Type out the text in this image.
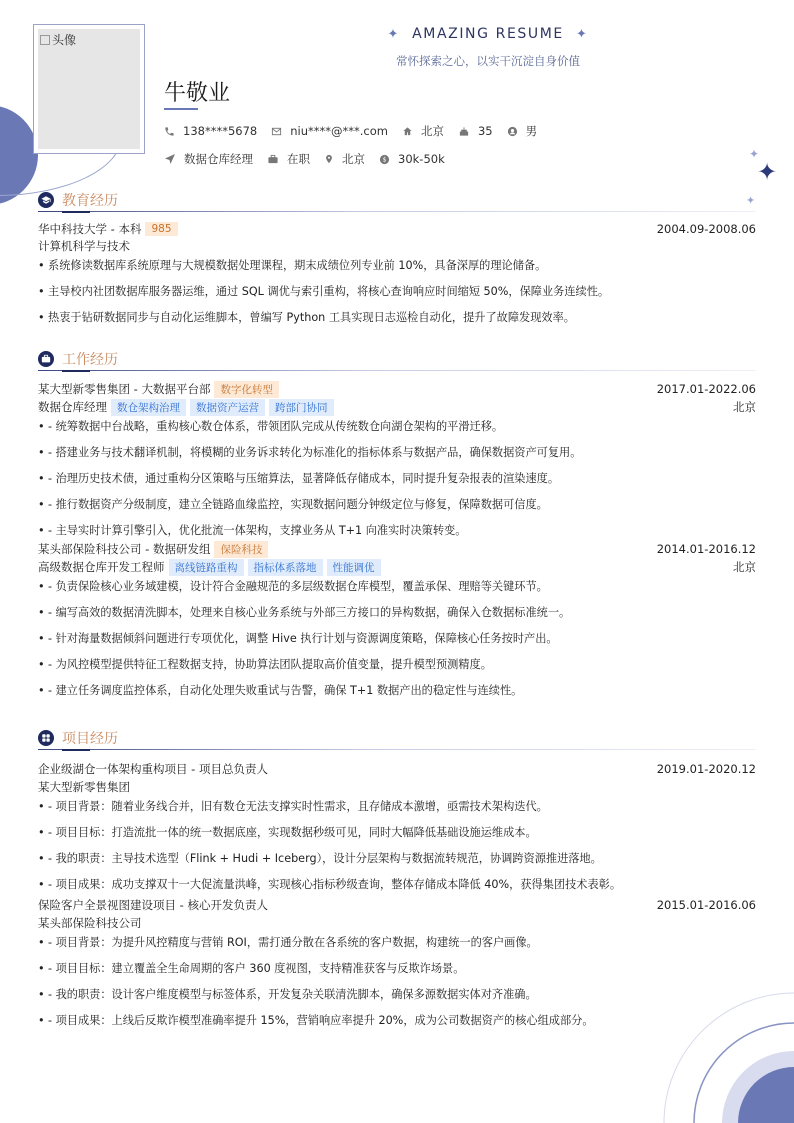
✦
✦
✦
头像	✦ AMAZING RESUME ✦
常怀探索之心，以实干沉淀自身价值
牛敬业
138****5678	niu****@***.com	北京	35	男
数据仓库经理	在职	北京 $ 30k-50k
教育经历
华中科技大学 - 本科 985	2004.09-2008.06
计算机科学与技术
• 系统修读数据库系统原理与大规模数据处理课程，期末成绩位列专业前 10%，具备深厚的理论储备。
• 主导校内社团数据库服务器运维，通过 SQL 调优与索引重构，将核心查询响应时间缩短 50%，保障业务连续性。
• 热衷于钻研数据同步与自动化运维脚本，曾编写 Python 工具实现日志巡检自动化，提升了故障发现效率。
工作经历
某大型新零售集团 - 大数据平台部 数字化转型	2017.01-2022.06
数据仓库经理 数仓架构治理	数据资产运营	跨部门协同	北京
• - 统筹数据中台战略，重构核心数仓体系，带领团队完成从传统数仓向湖仓架构的平滑迁移。
• - 搭建业务与技术翻译机制，将模糊的业务诉求转化为标准化的指标体系与数据产品，确保数据资产可复用。
• - 治理历史技术债，通过重构分区策略与压缩算法，显著降低存储成本，同时提升复杂报表的渲染速度。
• - 推行数据资产分级制度，建立全链路血缘监控，实现数据问题分钟级定位与修复，保障数据可信度。
• - 主导实时计算引擎引入，优化批流一体架构，支撑业务从 T+1 向准实时决策转变。
某头部保险科技公司 - 数据研发组 保险科技	2014.01-2016.12
高级数据仓库开发工程师 离线链路重构	指标体系落地	性能调优	北京
• - 负责保险核心业务域建模，设计符合金融规范的多层级数据仓库模型，覆盖承保、理赔等关键环节。
• - 编写高效的数据清洗脚本，处理来自核心业务系统与外部三方接口的异构数据，确保入仓数据标准统一。
• - 针对海量数据倾斜问题进行专项优化，调整 Hive 执行计划与资源调度策略，保障核心任务按时产出。
• - 为风控模型提供特征工程数据支持，协助算法团队提取高价值变量，提升模型预测精度。
• - 建立任务调度监控体系，自动化处理失败重试与告警，确保 T+1 数据产出的稳定性与连续性。
项目经历
企业级湖仓一体架构重构项目 - 项目总负责人	2019.01-2020.12
某大型新零售集团
• - 项目背景：随着业务线合并，旧有数仓无法支撑实时性需求，且存储成本激增，亟需技术架构迭代。
• - 项目目标：打造流批一体的统一数据底座，实现数据秒级可见，同时大幅降低基础设施运维成本。
• - 我的职责：主导技术选型（Flink + Hudi + Iceberg），设计分层架构与数据流转规范，协调跨资源推进落地。
• - 项目成果：成功支撑双十一大促流量洪峰，实现核心指标秒级查询，整体存储成本降低 40%，获得集团技术表彰。
保险客户全景视图建设项目 - 核心开发负责人	2015.01-2016.06
某头部保险科技公司
• - 项目背景：为提升风控精度与营销 ROI，需打通分散在各系统的客户数据，构建统一的客户画像。
• - 项目目标：建立覆盖全生命周期的客户 360 度视图，支持精准获客与反欺诈场景。
• - 我的职责：设计客户维度模型与标签体系，开发复杂关联清洗脚本，确保多源数据实体对齐准确。
• - 项目成果：上线后反欺诈模型准确率提升 15%，营销响应率提升 20%，成为公司数据资产的核心组成部分。
